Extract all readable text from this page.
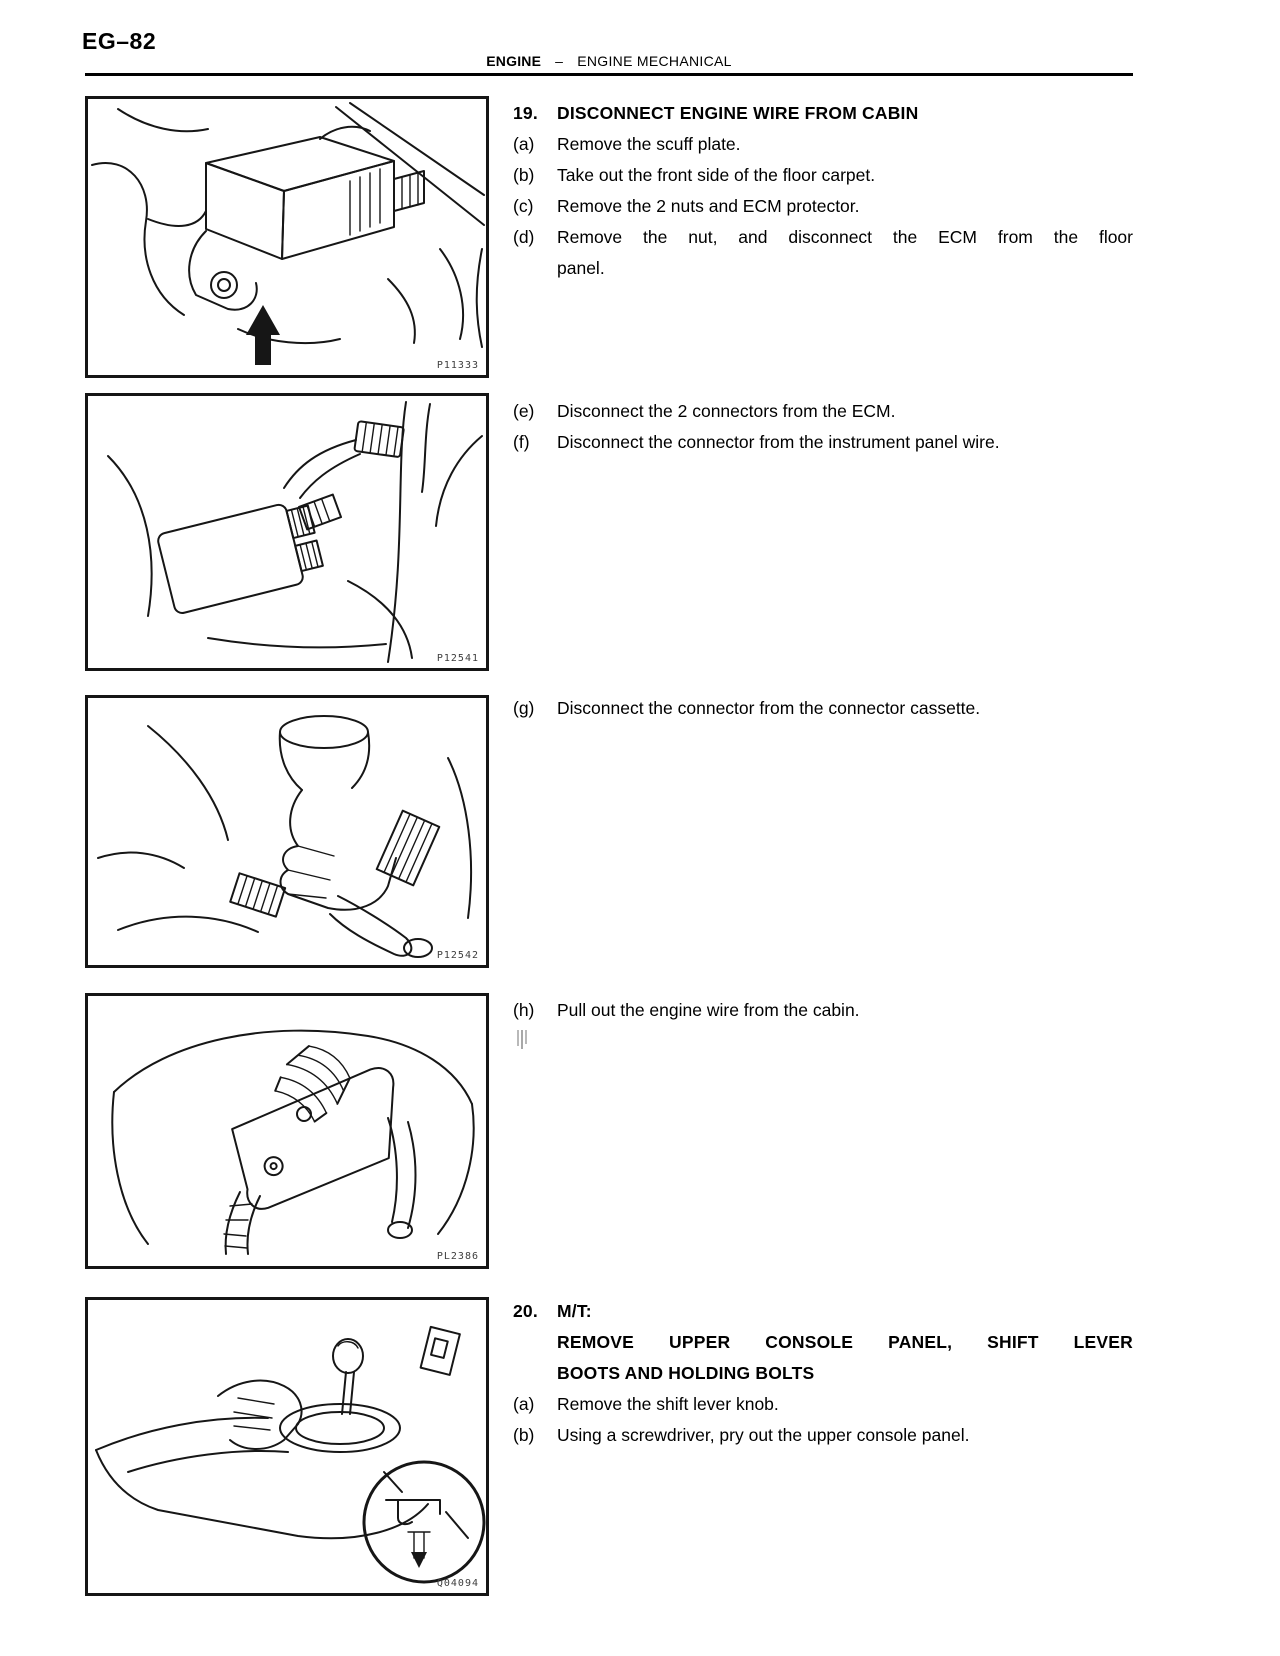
EG–82
ENGINE – ENGINE MECHANICAL
P11333
P12541
P12542
PL2386
Q04094
19.	DISCONNECT ENGINE WIRE FROM CABIN
(a)	Remove the scuff plate.
(b)	Take out the front side of the floor carpet.
(c)	Remove the 2 nuts and ECM protector.
(d)	Remove the nut, and disconnect the ECM from the floor
panel.
(e)	Disconnect the 2 connectors from the ECM.
(f)	Disconnect the connector from the instrument panel wire.
(g)	Disconnect the connector from the connector cassette.
(h)	Pull out the engine wire from the cabin.
20.	M/T:
REMOVE UPPER CONSOLE PANEL, SHIFT LEVER
BOOTS AND HOLDING BOLTS
(a)	Remove the shift lever knob.
(b)	Using a screwdriver, pry out the upper console panel.
